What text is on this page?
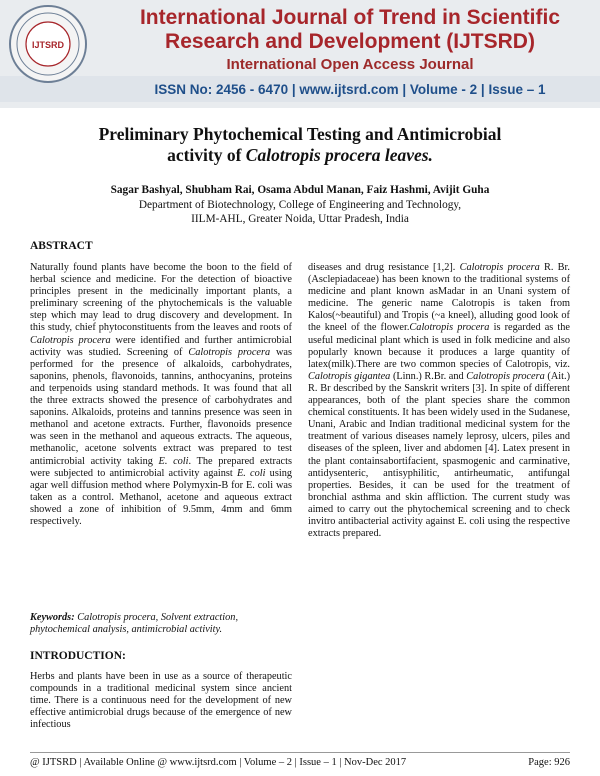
IJTSRD
International Journal of Trend in Scientific
Research and Development (IJTSRD)
International Open Access Journal
ISSN No: 2456 - 6470 | www.ijtsrd.com | Volume - 2 | Issue – 1
Preliminary Phytochemical Testing and Antimicrobial
activity of Calotropis procera leaves.
Sagar Bashyal, Shubham Rai, Osama Abdul Manan, Faiz Hashmi, Avijit Guha
Department of Biotechnology, College of Engineering and Technology,
IILM-AHL, Greater Noida, Uttar Pradesh, India
ABSTRACT

Naturally found plants have become the boon to the field of herbal science and medicine. For the detection of bioactive principles present in the medicinally important plants, a preliminary screening of the phytochemicals is the valuable step which may lead to drug discovery and development. In this study, chief phytoconstituents from the leaves and roots of Calotropis procera were identified and further antimicrobial activity was studied. Screening of Calotropis procera was performed for the presence of alkaloids, carbohydrates, saponins, phenols, flavonoids, tannins, anthocyanins, proteins and terpenoids using standard methods. It was found that all the three extracts showed the presence of carbohydrates and saponins. Alkaloids, proteins and tannins presence was seen in methanol and acetone extracts. Further, flavonoids presence was seen in the methanol and aqueous extracts. The aqueous, methanolic, acetone solvents extract was prepared to test antimicrobial activity taking E. coli. The prepared extracts were subjected to antimicrobial activity against E. coli using agar well diffusion method where Polymyxin-B for E. coli was taken as a control. Methanol, acetone and aqueous extract showed a zone of inhibition of 9.5mm, 4mm and 6mm respectively.

Keywords: Calotropis procera, Solvent extraction, phytochemical analysis, antimicrobial activity.
INTRODUCTION:
Herbs and plants have been in use as a source of therapeutic compounds in a traditional medicinal system since ancient time. There is a continuous need for the development of new effective antimicrobial drugs because of the emergence of new infectious

diseases and drug resistance [1,2]. Calotropis procera R. Br. (Asclepiadaceae) has been known to the traditional systems of medicine and plant known asMadar in an Unani system of medicine. The generic name Calotropis is taken from Kalos(~beautiful) and Tropis (~a kneel), alluding good look of the kneel of the flower.Calotropis procera is regarded as the useful medicinal plant which is used in folk medicine and also popularly known because it produces a large quantity of latex(milk).There are two common species of Calotropis, viz. Calotropis gigantea (Linn.) R.Br. and Calotropis procera (Ait.) R. Br described by the Sanskrit writers [3]. In spite of different appearances, both of the plant species share the common chemical constituents. It has been widely used in the Sudanese, Unani, Arabic and Indian traditional medicinal system for the treatment of various diseases namely leprosy, ulcers, piles and diseases of the spleen, liver and abdomen [4]. Latex present in the plant containsabortifacient, spasmogenic and carminative, antidysenteric, antisyphilitic, antirheumatic, antifungal properties. Besides, it can be used for the treatment of bronchial asthma and skin affliction. The current study was aimed to carry out the phytochemical screening and to check invitro antibacterial activity against E. coli using the respective extracts prepared.

@ IJTSRD | Available Online @ www.ijtsrd.com | Volume – 2 | Issue – 1 | Nov-Dec 2017	Page: 926
